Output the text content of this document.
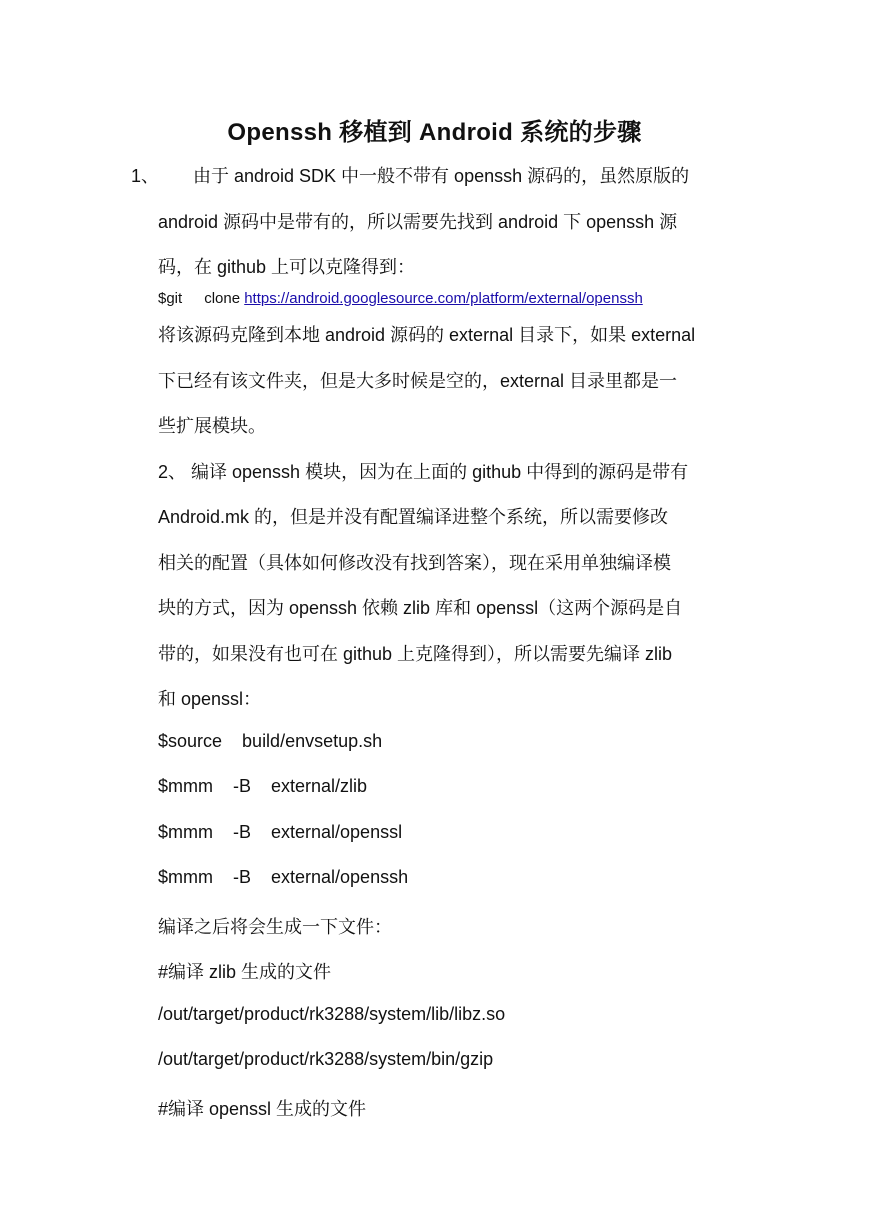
Openssh 移植到 Android 系统的步骤
1、 由于 android SDK 中一般不带有 openssh 源码的，虽然原版的
android 源码中是带有的，所以需要先找到 android 下 openssh 源
码，在 github 上可以克隆得到：
$git clone https://android.googlesource.com/platform/external/openssh
将该源码克隆到本地 android 源码的 external 目录下，如果 external
下已经有该文件夹，但是大多时候是空的，external 目录里都是一
些扩展模块。
2、 编译 openssh 模块，因为在上面的 github 中得到的源码是带有
Android.mk 的，但是并没有配置编译进整个系统，所以需要修改
相关的配置（具体如何修改没有找到答案），现在采用单独编译模
块的方式，因为 openssh 依赖 zlib 库和 openssl（这两个源码是自
带的，如果没有也可在 github 上克隆得到），所以需要先编译 zlib
和 openssl：
$source    build/envsetup.sh
$mmm    -B    external/zlib
$mmm    -B    external/openssl
$mmm    -B    external/openssh
编译之后将会生成一下文件：
#编译 zlib 生成的文件
/out/target/product/rk3288/system/lib/libz.so
/out/target/product/rk3288/system/bin/gzip
#编译 openssl 生成的文件
